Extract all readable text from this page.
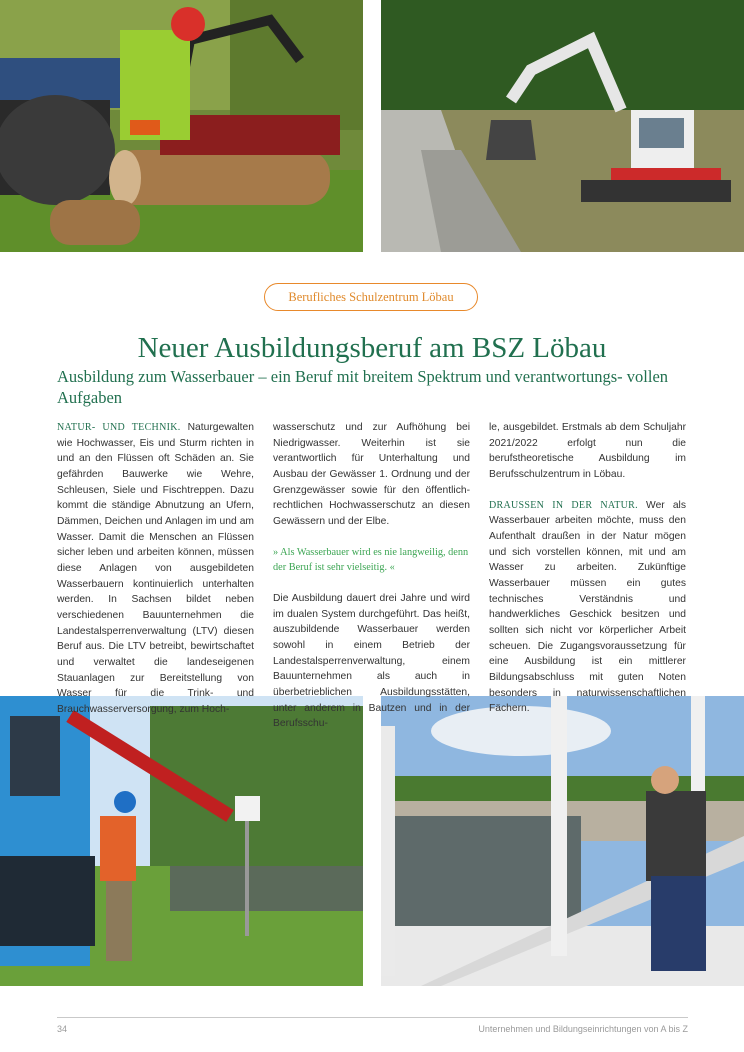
Berufliches Schulzentrum Löbau
Neuer Ausbildungsberuf am BSZ Löbau
Ausbildung zum Wasserbauer – ein Beruf mit breitem Spektrum und verantwortungs- vollen Aufgaben

NATUR- UND TECHNIK. Naturgewalten wie Hochwasser, Eis und Sturm richten in und an den Flüssen oft Schäden an. Sie gefährden Bauwerke wie Wehre, Schleusen, Siele und Fischtreppen. Dazu kommt die ständige Abnutzung an Ufern, Dämmen, Deichen und Anlagen im und am Wasser. Damit die Menschen an Flüssen sicher leben und arbeiten können, müssen diese Anlagen von ausgebildeten Wasserbauern kontinuierlich unterhalten werden. In Sachsen bildet neben verschiedenen Bauunternehmen die Landestalsperrenverwaltung (LTV) diesen Beruf aus. Die LTV betreibt, bewirtschaftet und verwaltet die landeseigenen Stauanlagen zur Bereitstellung von Wasser für die Trink- und Brauchwasserversorgung, zum Hoch-

wasserschutz und zur Aufhöhung bei Niedrigwasser. Weiterhin ist sie verantwortlich für Unterhaltung und Ausbau der Gewässer 1. Ordnung und der Grenzgewässer sowie für den öffentlich-rechtlichen Hochwasserschutz an diesen Gewässern und der Elbe.

» Als Wasserbauer wird es nie langweilig, denn der Beruf ist sehr vielseitig. «

Die Ausbildung dauert drei Jahre und wird im dualen System durchgeführt. Das heißt, auszubildende Wasserbauer werden sowohl in einem Betrieb der Landestalsperrenverwaltung, einem Bauunternehmen als auch in überbetrieblichen Ausbildungsstätten, unter anderem in Bautzen und in der Berufsschu-

le, ausgebildet. Erstmals ab dem Schuljahr 2021/2022 erfolgt nun die berufstheoretische Ausbildung im Berufsschulzentrum in Löbau.

DRAUSSEN IN DER NATUR. Wer als Wasserbauer arbeiten möchte, muss den Aufenthalt draußen in der Natur mögen und sich vorstellen können, mit und am Wasser zu arbeiten. Zukünftige Wasserbauer müssen ein gutes technisches Verständnis und handwerkliches Geschick besitzen und sollten sich nicht vor körperlicher Arbeit scheuen. Die Zugangsvoraussetzung für eine Ausbildung ist ein mittlerer Bildungsabschluss mit guten Noten besonders in naturwissenschaftlichen Fächern.

34	Unternehmen und Bildungseinrichtungen von A bis Z
